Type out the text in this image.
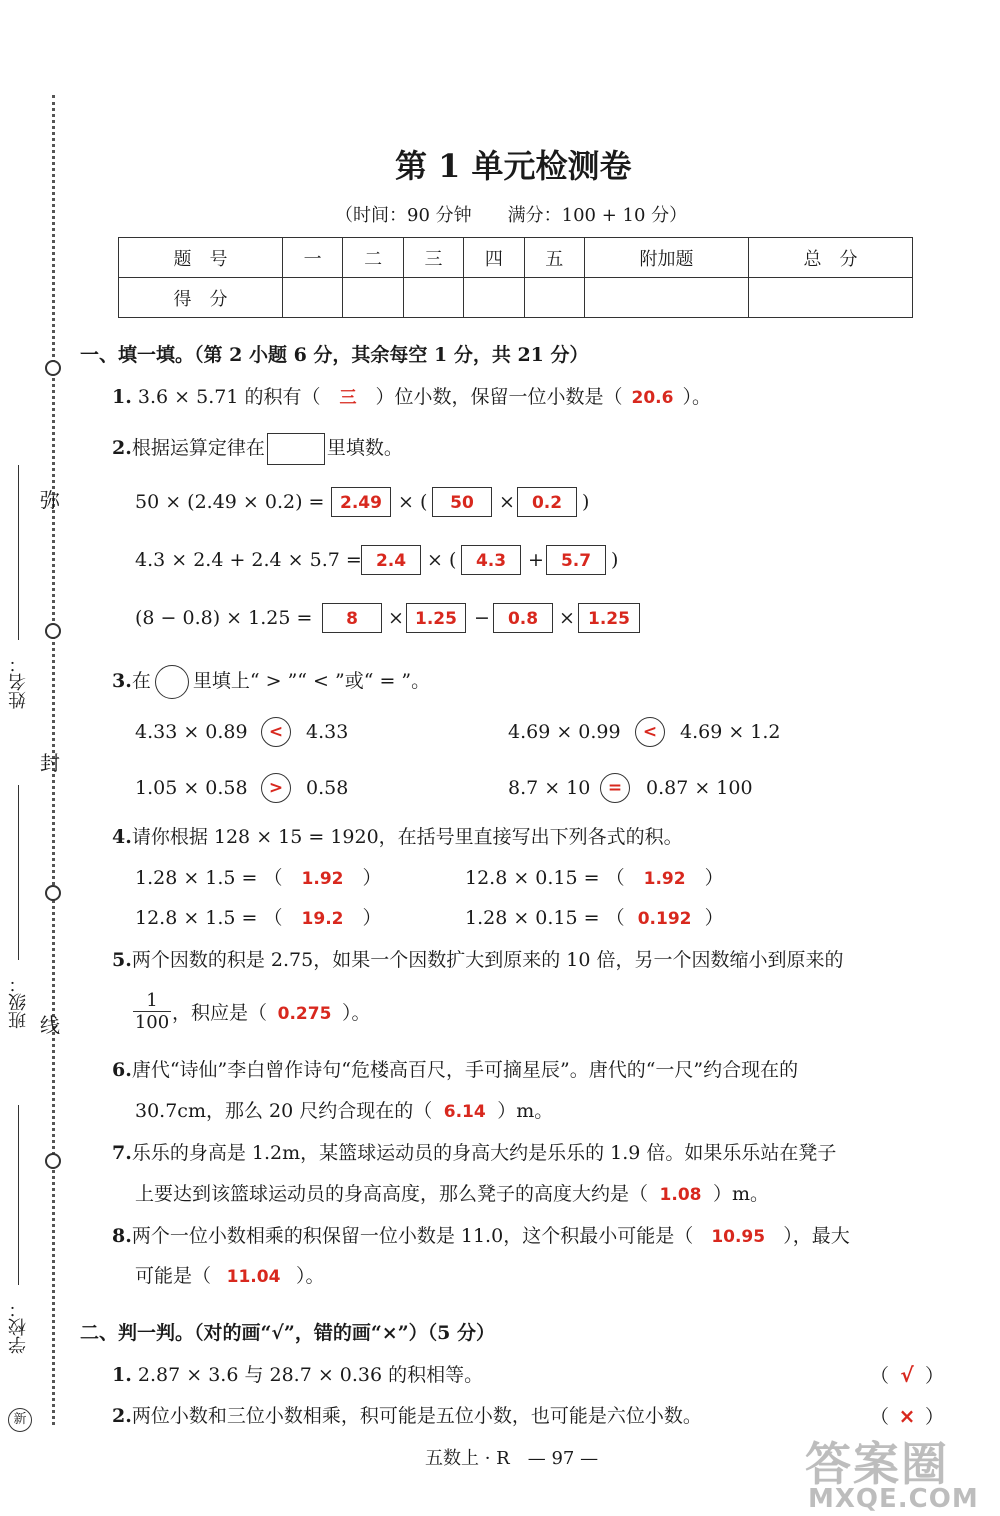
弥
封
线
姓名：
班级：
学校：
新
第 1 单元检测卷
（时间：90 分钟　　满分：100 + 10 分）
题　号	一	二	三	四	五	附加题	总　分
得　分							
一、填一填。（第 2 小题 6 分，其余每空 1 分，共 21 分）
1. 3.6 × 5.71 的积有（ 三 ）位小数，保留一位小数是（ 20.6 ）。
2.根据运算定律在	里填数。
50 × (2.49 × 0.2) = 2.49 × (	50	×	0.2	)
4.3 × 2.4 + 2.4 × 5.7 = 2.4	× (	4.3	+	5.7	)
(8 − 0.8) × 1.25 =	8	× 1.25 −	0.8	× 1.25
3.在 里填上“ > ”“ < ”或“ = ”。
4.33 × 0.89	<	4.33	4.69 × 0.99	<	4.69 × 1.2
1.05 × 0.58	>	0.58	8.7 × 10	=	0.87 × 100
4.请你根据 128 × 15 = 1920，在括号里直接写出下列各式的积。
1.28 × 1.5 = （ 1.92 ）	12.8 × 0.15 = （ 1.92 ）
12.8 × 1.5 = （ 19.2 ）	1.28 × 0.15 = （ 0.192 ）
5.两个因数的积是 2.75，如果一个因数扩大到原来的 10 倍，另一个因数缩小到原来的
$\frac{1}{100}$ ，积应是（ 0.275 ）。
6.唐代“诗仙”李白曾作诗句“危楼高百尺，手可摘星辰”。唐代的“一尺”约合现在的
30.7cm，那么 20 尺约合现在的（ 6.14 ）m。
7.乐乐的身高是 1.2m，某篮球运动员的身高大约是乐乐的 1.9 倍。如果乐乐站在凳子
上要达到该篮球运动员的身高高度，那么凳子的高度大约是（ 1.08 ）m。
8.两个一位小数相乘的积保留一位小数是 11.0，这个积最小可能是（ 10.95 ），最大
可能是（ 11.04 ）。
二、判一判。（对的画“√”，错的画“×”）（5 分）
1. 2.87 × 3.6 与 28.7 × 0.36 的积相等。	（ √ ）
2.两位小数和三位小数相乘，积可能是五位小数，也可能是六位小数。	（ × ）
五数上 · R　— 97 —	答案圈
MXQE.COM
